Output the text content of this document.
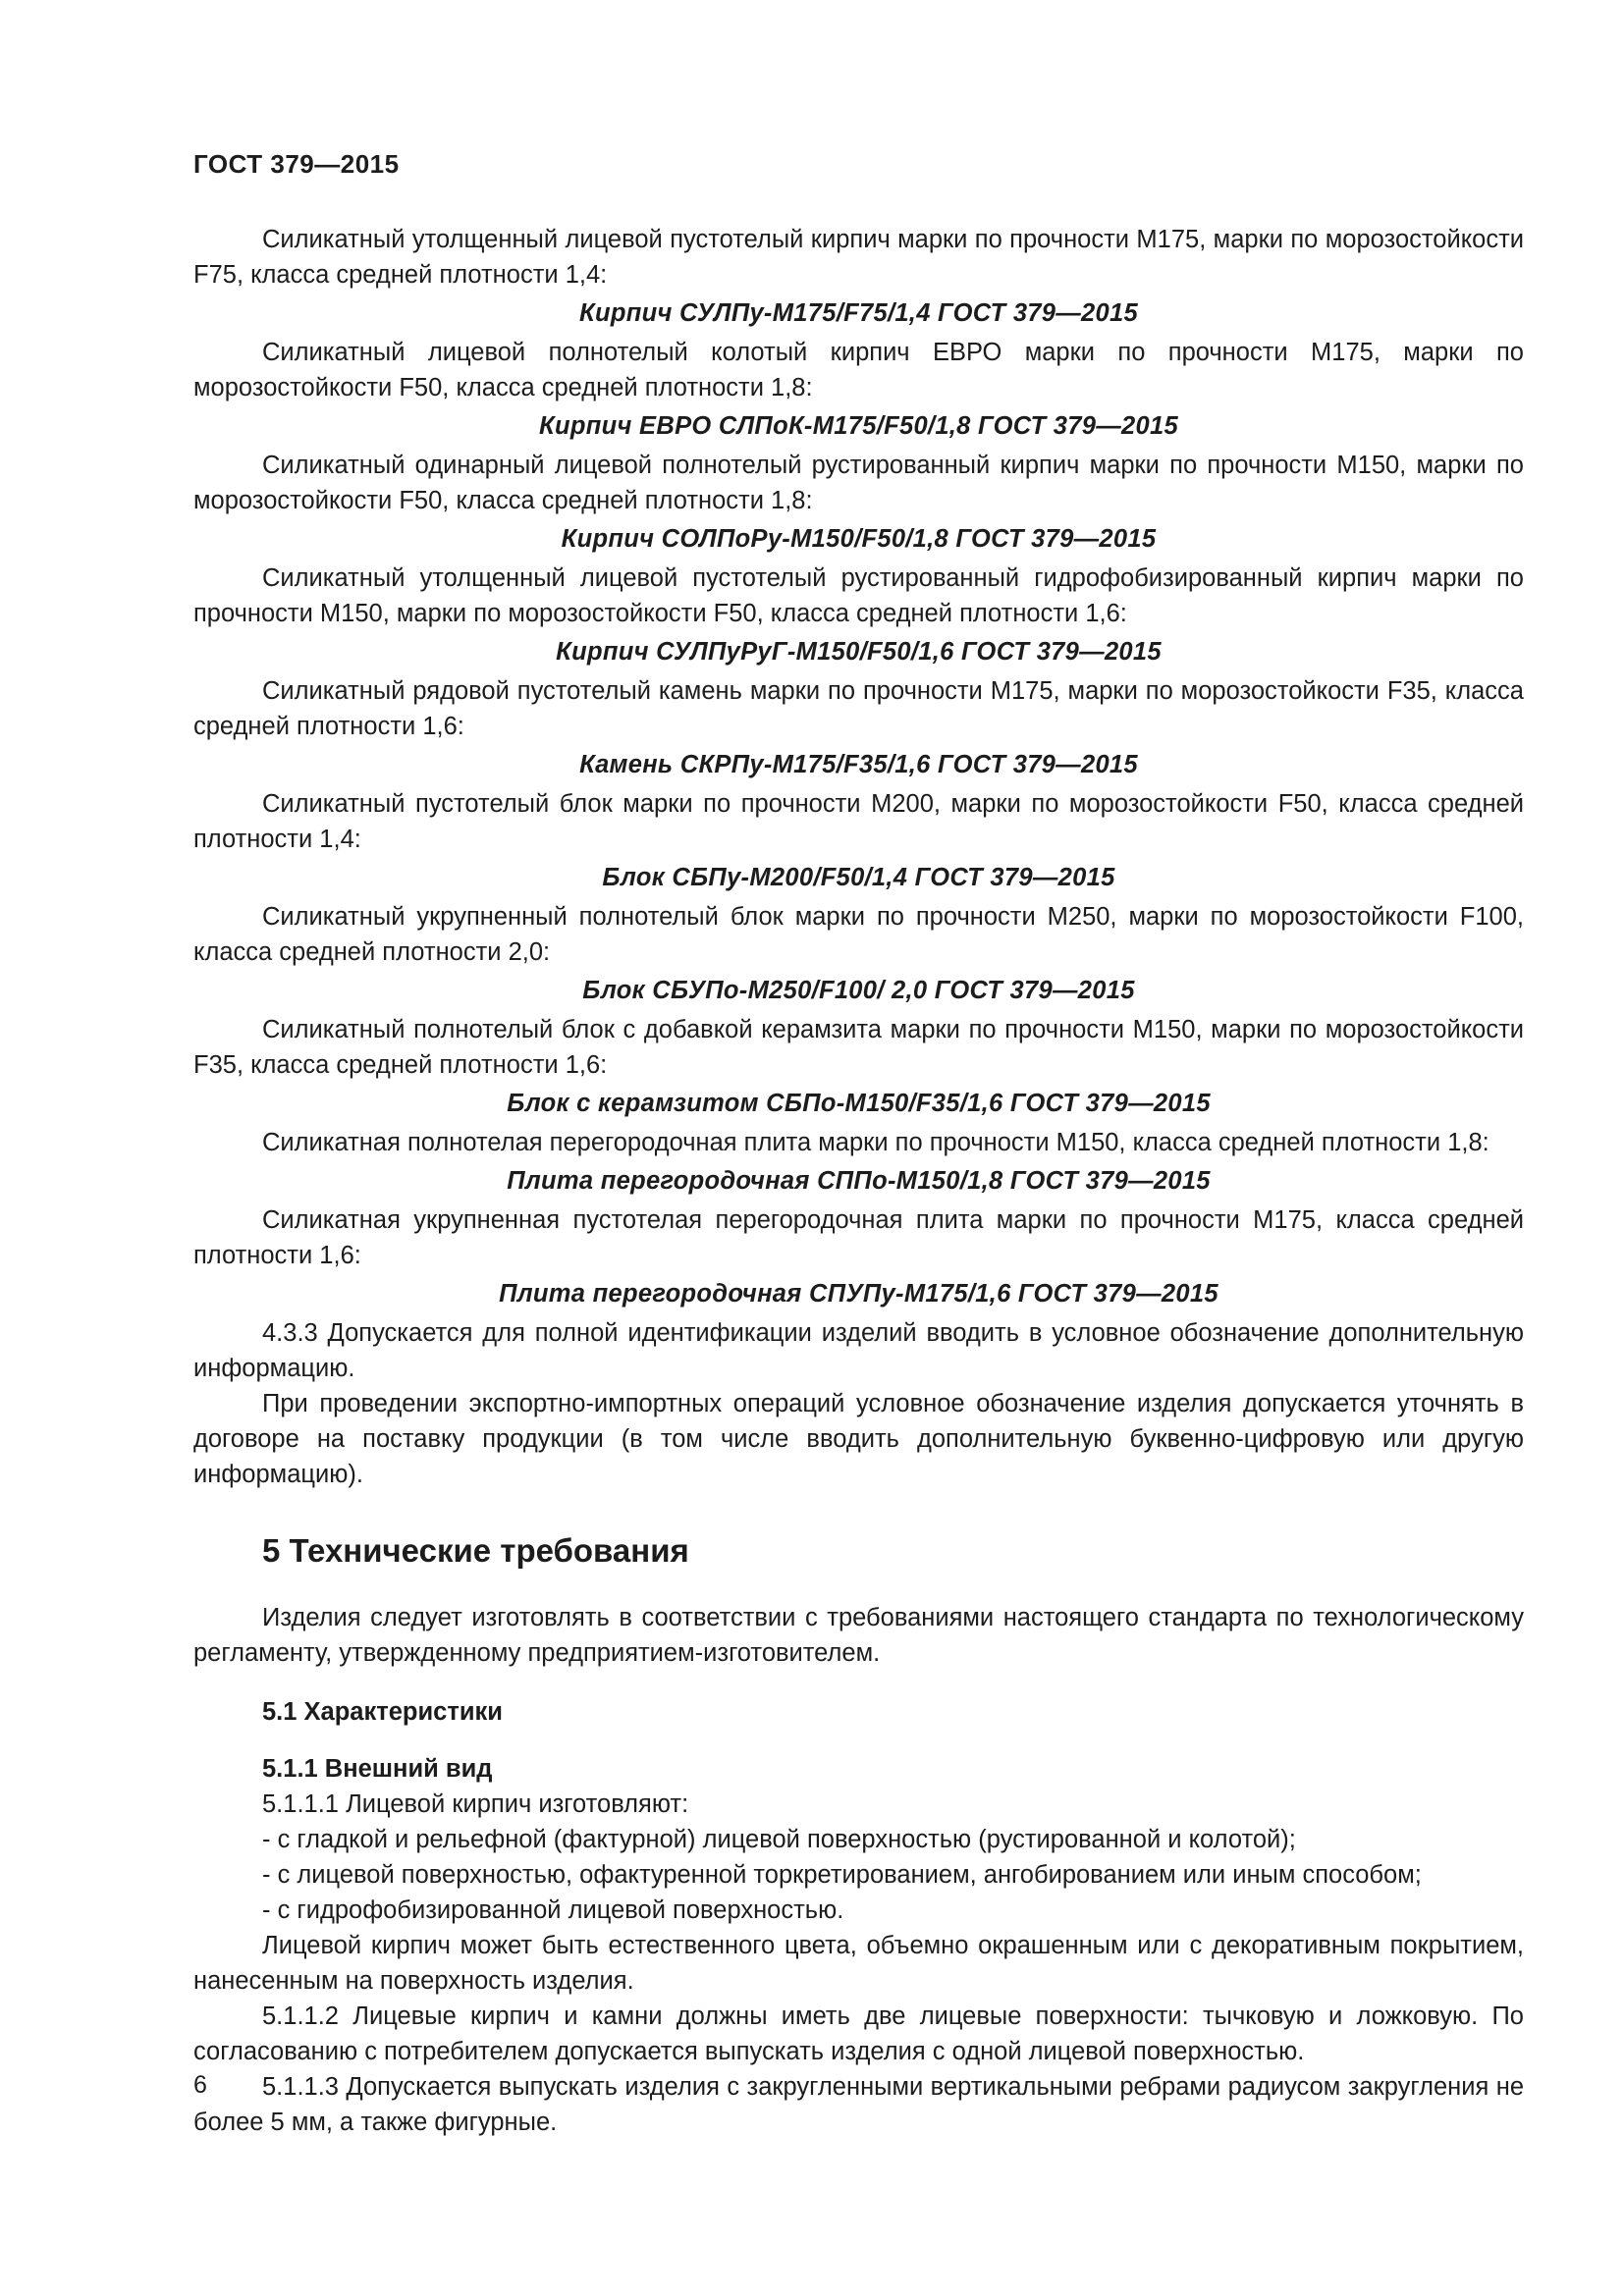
ГОСТ 379—2015

Силикатный утолщенный лицевой пустотелый кирпич марки по прочности М175, марки по морозостойкости F75, класса средней плотности 1,4:

Кирпич СУЛПу-М175/F75/1,4 ГОСТ 379—2015

Силикатный лицевой полнотелый колотый кирпич ЕВРО марки по прочности М175, марки по морозостойкости F50, класса средней плотности 1,8:

Кирпич ЕВРО СЛПоК-М175/F50/1,8 ГОСТ 379—2015

Силикатный одинарный лицевой полнотелый рустированный кирпич марки по прочности М150, марки по морозостойкости F50, класса средней плотности 1,8:

Кирпич СОЛПоРу-М150/F50/1,8 ГОСТ 379—2015

Силикатный утолщенный лицевой пустотелый рустированный гидрофобизированный кирпич марки по прочности М150, марки по морозостойкости F50, класса средней плотности 1,6:

Кирпич СУЛПуРуГ-М150/F50/1,6 ГОСТ 379—2015

Силикатный рядовой пустотелый камень марки по прочности М175, марки по морозостойкости F35, класса средней плотности 1,6:

Камень СКРПу-М175/F35/1,6 ГОСТ 379—2015

Силикатный пустотелый блок марки по прочности М200, марки по морозостойкости F50, класса средней плотности 1,4:

Блок СБПу-М200/F50/1,4 ГОСТ 379—2015

Силикатный укрупненный полнотелый блок марки по прочности М250, марки по морозостойкости F100, класса средней плотности 2,0:

Блок СБУПо-М250/F100/ 2,0 ГОСТ 379—2015

Силикатный полнотелый блок с добавкой керамзита марки по прочности М150, марки по морозостойкости F35, класса средней плотности 1,6:

Блок с керамзитом СБПо-М150/F35/1,6 ГОСТ 379—2015

Силикатная полнотелая перегородочная плита марки по прочности М150, класса средней плотности 1,8:

Плита перегородочная СППо-М150/1,8 ГОСТ 379—2015

Силикатная укрупненная пустотелая перегородочная плита марки по прочности М175, класса средней плотности 1,6:

Плита перегородочная СПУПу-М175/1,6 ГОСТ 379—2015

4.3.3 Допускается для полной идентификации изделий вводить в условное обозначение дополнительную информацию.

При проведении экспортно-импортных операций условное обозначение изделия допускается уточнять в договоре на поставку продукции (в том числе вводить дополнительную буквенно-цифровую или другую информацию).

5 Технические требования

Изделия следует изготовлять в соответствии с требованиями настоящего стандарта по технологическому регламенту, утвержденному предприятием-изготовителем.

5.1 Характеристики
5.1.1 Внешний вид

5.1.1.1 Лицевой кирпич изготовляют:

- с гладкой и рельефной (фактурной) лицевой поверхностью (рустированной и колотой);
- с лицевой поверхностью, офактуренной торкретированием, ангобированием или иным способом;
- с гидрофобизированной лицевой поверхностью.

Лицевой кирпич может быть естественного цвета, объемно окрашенным или с декоративным покрытием, нанесенным на поверхность изделия.

5.1.1.2 Лицевые кирпич и камни должны иметь две лицевые поверхности: тычковую и ложковую. По согласованию с потребителем допускается выпускать изделия с одной лицевой поверхностью.

5.1.1.3 Допускается выпускать изделия с закругленными вертикальными ребрами радиусом закругления не более 5 мм, а также фигурные.

6
